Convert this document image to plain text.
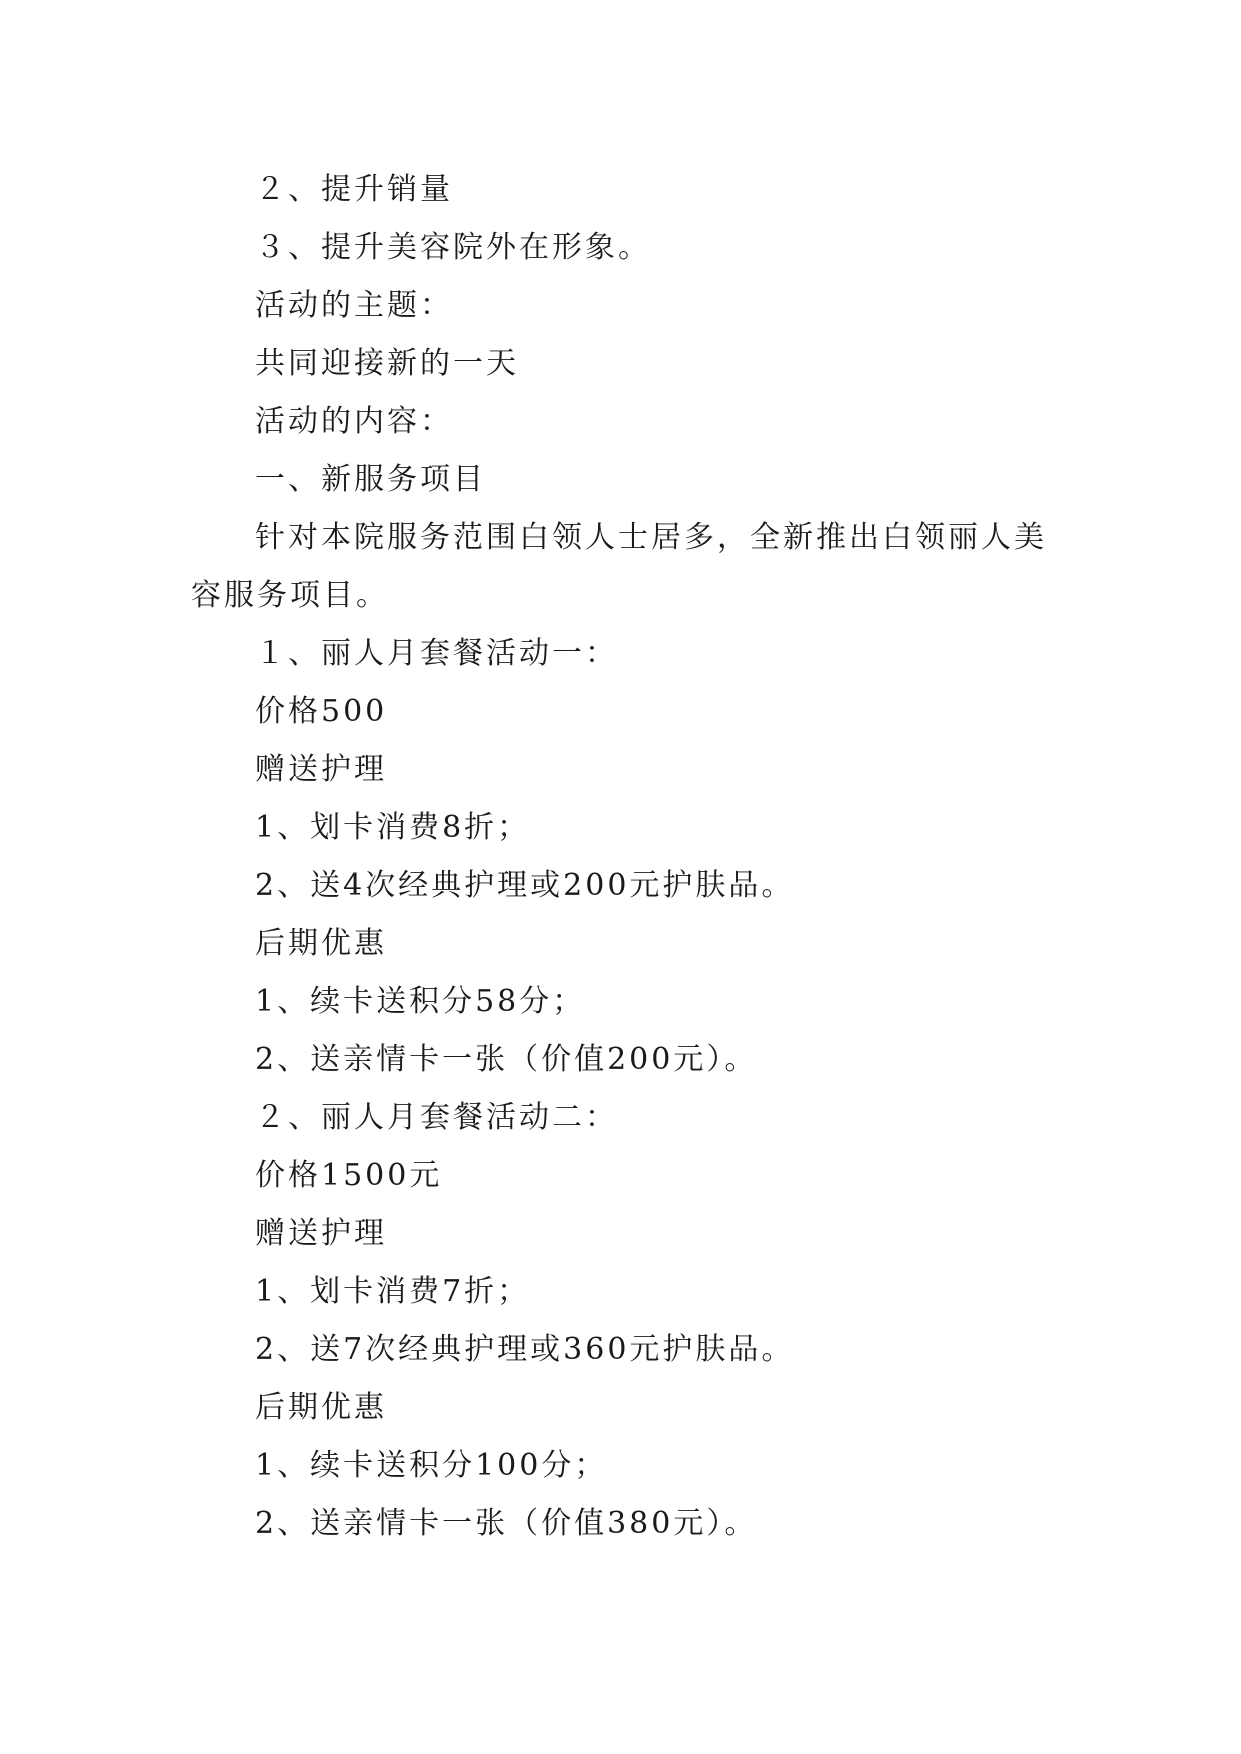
２、提升销量

３、提升美容院外在形象。

活动的主题：

共同迎接新的一天

活动的内容：

一、新服务项目

针对本院服务范围白领人士居多，全新推出白领丽人美容服务项目。

１、丽人月套餐活动一：

价格500

赠送护理

1、划卡消费8折；

2、送4次经典护理或200元护肤品。

后期优惠

1、续卡送积分58分；

2、送亲情卡一张（价值200元）。

２、丽人月套餐活动二：

价格1500元

赠送护理

1、划卡消费7折；

2、送7次经典护理或360元护肤品。

后期优惠

1、续卡送积分100分；

2、送亲情卡一张（价值380元）。
